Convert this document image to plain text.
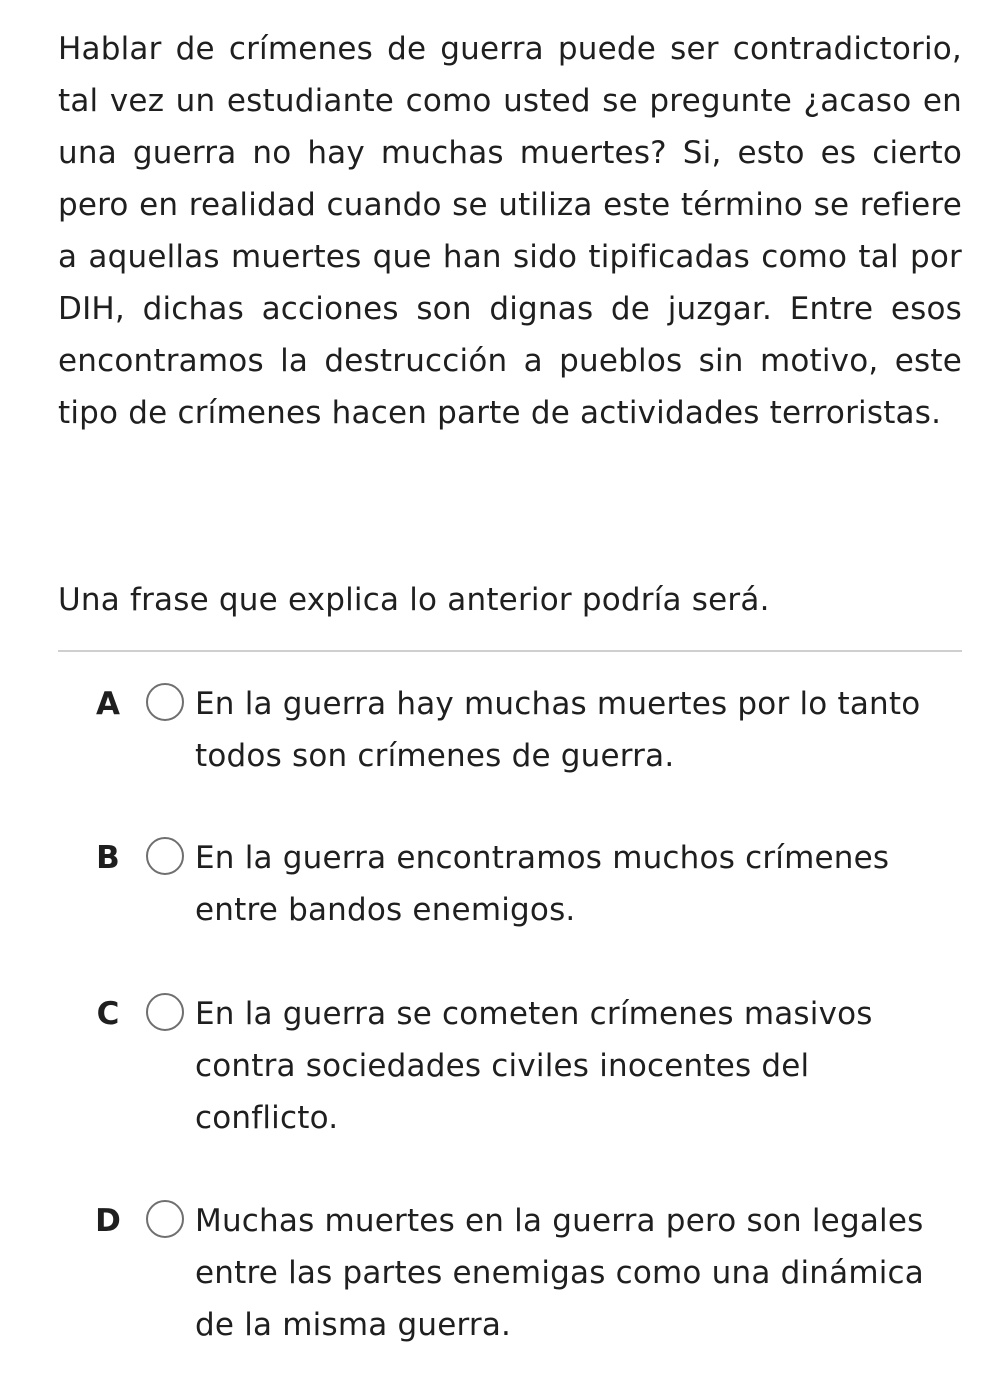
Hablar de crímenes de guerra puede ser contradictorio, tal vez un estudiante como usted se pregunte ¿acaso en una guerra no hay muchas muertes? Si, esto es cierto pero en realidad cuando se utiliza este término se refiere a aquellas muertes que han sido tipificadas como tal por DIH, dichas acciones son dignas de juzgar. Entre esos encontramos la destrucción a pueblos sin motivo, este tipo de crímenes hacen parte de actividades terroristas.

Una frase que explica lo anterior podría será.

A	En la guerra hay muchas muertes por lo tanto todos son crímenes de guerra.
B	En la guerra encontramos muchos crímenes entre bandos enemigos.
C	En la guerra se cometen crímenes masivos contra sociedades civiles inocentes del conflicto.
D	Muchas muertes en la guerra pero son legales entre las partes enemigas como una dinámica de la misma guerra.
